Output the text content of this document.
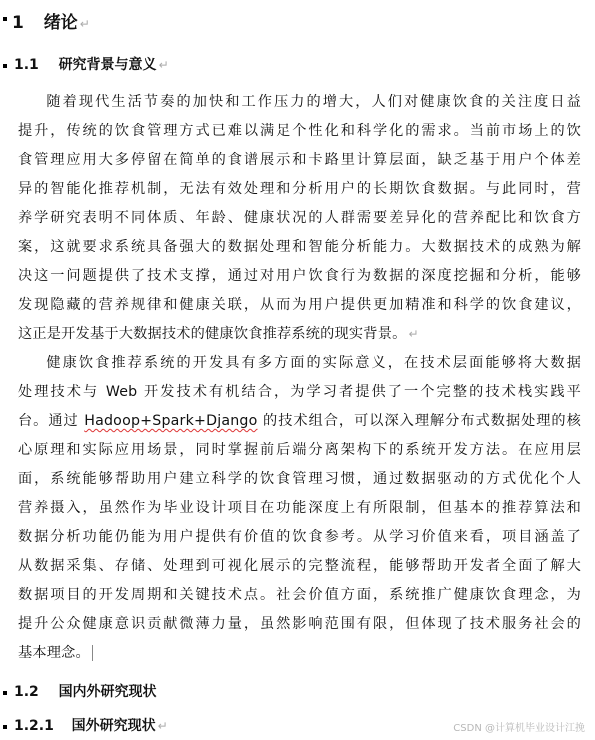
1 绪论 ↵
1.1 研究背景与意义 ↵
随着现代生活节奏的加快和工作压力的增大，人们对健康饮食的关注度日益
提升，传统的饮食管理方式已难以满足个性化和科学化的需求。当前市场上的饮
食管理应用大多停留在简单的食谱展示和卡路里计算层面，缺乏基于用户个体差
异的智能化推荐机制，无法有效处理和分析用户的长期饮食数据。与此同时，营
养学研究表明不同体质、年龄、健康状况的人群需要差异化的营养配比和饮食方
案，这就要求系统具备强大的数据处理和智能分析能力。大数据技术的成熟为解
决这一问题提供了技术支撑，通过对用户饮食行为数据的深度挖掘和分析，能够
发现隐藏的营养规律和健康关联，从而为用户提供更加精准和科学的饮食建议，
这正是开发基于大数据技术的健康饮食推荐系统的现实背景。 ↵
健康饮食推荐系统的开发具有多方面的实际意义，在技术层面能够将大数据
处理技术与 Web 开发技术有机结合，为学习者提供了一个完整的技术栈实践平
台。通过 Hadoop+Spark+Django 的技术组合，可以深入理解分布式数据处理的核
心原理和实际应用场景，同时掌握前后端分离架构下的系统开发方法。在应用层
面，系统能够帮助用户建立科学的饮食管理习惯，通过数据驱动的方式优化个人
营养摄入，虽然作为毕业设计项目在功能深度上有所限制，但基本的推荐算法和
数据分析功能仍能为用户提供有价值的饮食参考。从学习价值来看，项目涵盖了
从数据采集、存储、处理到可视化展示的完整流程，能够帮助开发者全面了解大
数据项目的开发周期和关键技术点。社会价值方面，系统推广健康饮食理念，为
提升公众健康意识贡献微薄力量，虽然影响范围有限，但体现了技术服务社会的
基本理念。
1.2 国内外研究现状
1.2.1 国外研究现状 ↵	CSDN @计算机毕业设计江挽
